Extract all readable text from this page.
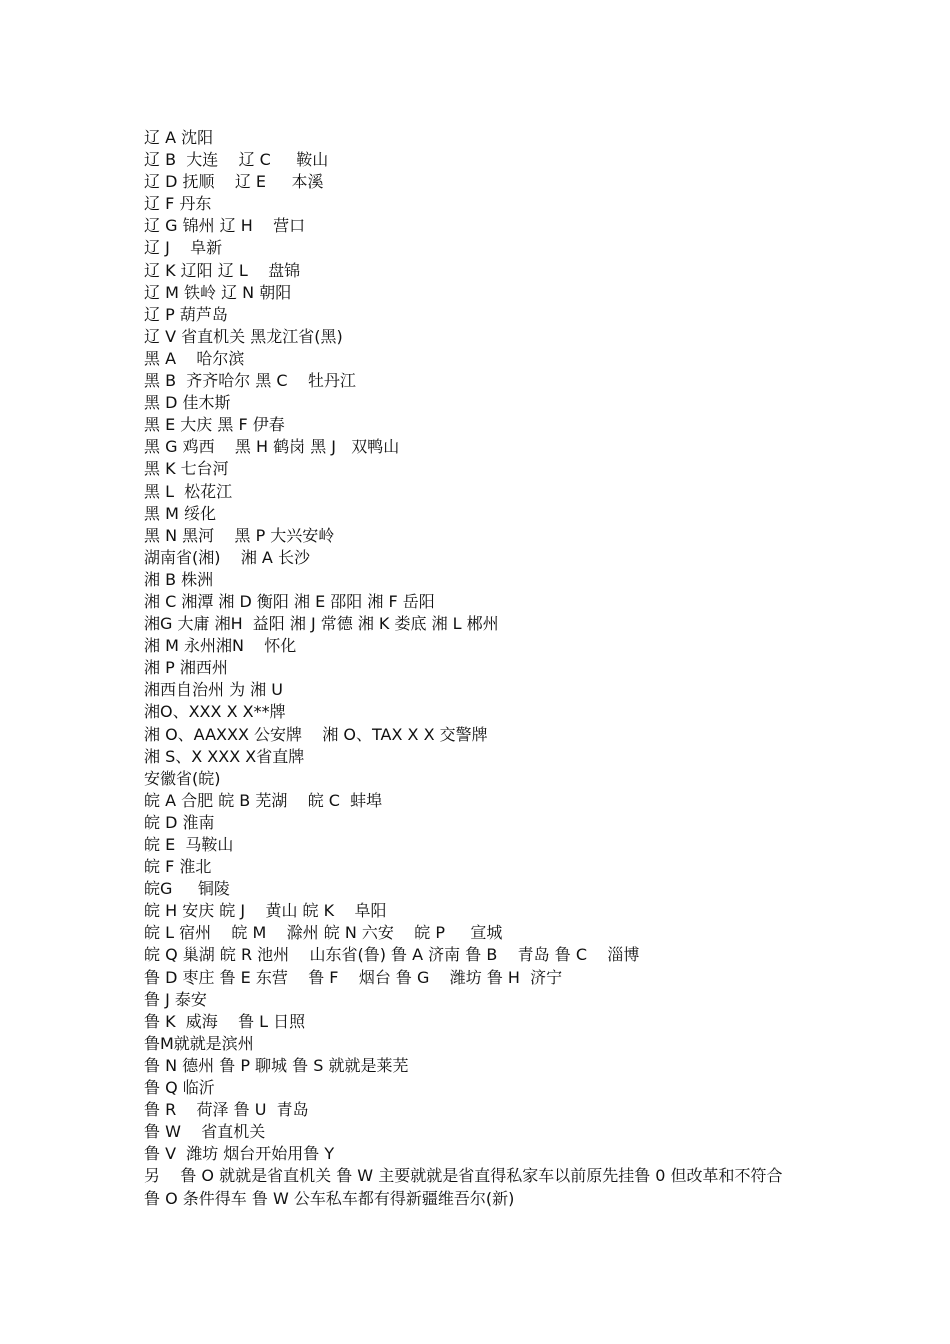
辽 A 沈阳
辽 B  大连    辽 C     鞍山
辽 D 抚顺    辽 E     本溪
辽 F 丹东
辽 G 锦州 辽 H    营口
辽 J    阜新
辽 K 辽阳 辽 L    盘锦
辽 M 铁岭 辽 N 朝阳
辽 P 葫芦岛
辽 V 省直机关 黑龙江省(黑)
黑 A    哈尔滨
黑 B  齐齐哈尔 黑 C    牡丹江
黑 D 佳木斯
黑 E 大庆 黑 F 伊春
黑 G 鸡西    黑 H 鹤岗 黑 J   双鸭山
黑 K 七台河
黑 L  松花江
黑 M 绥化
黑 N 黑河    黑 P 大兴安岭
湖南省(湘)    湘 A 长沙
湘 B 株洲
湘 C 湘潭 湘 D 衡阳 湘 E 邵阳 湘 F 岳阳
湘G 大庸 湘H  益阳 湘 J 常德 湘 K 娄底 湘 L 郴州
湘 M 永州湘N    怀化
湘 P 湘西州
湘西自治州 为 湘 U
湘O、XXX X X**牌
湘 O、AAXXX 公安牌    湘 O、TAX X X 交警牌
湘 S、X XXX X省直牌
安徽省(皖)
皖 A 合肥 皖 B 芜湖    皖 C  蚌埠
皖 D 淮南
皖 E  马鞍山
皖 F 淮北
皖G     铜陵
皖 H 安庆 皖 J    黄山 皖 K    阜阳
皖 L 宿州    皖 M    滁州 皖 N 六安    皖 P     宣城
皖 Q 巢湖 皖 R 池州    山东省(鲁) 鲁 A 济南 鲁 B    青岛 鲁 C    淄博
鲁 D 枣庄 鲁 E 东营    鲁 F    烟台 鲁 G    潍坊 鲁 H  济宁
鲁 J 泰安
鲁 K  威海    鲁 L 日照
鲁M就就是滨州
鲁 N 德州 鲁 P 聊城 鲁 S 就就是莱芜
鲁 Q 临沂
鲁 R    荷泽 鲁 U  青岛
鲁 W    省直机关
鲁 V  潍坊 烟台开始用鲁 Y
另    鲁 O 就就是省直机关 鲁 W 主要就就是省直得私家车以前原先挂鲁 0 但改革和不符合
鲁 O 条件得车 鲁 W 公车私车都有得新疆维吾尔(新)
